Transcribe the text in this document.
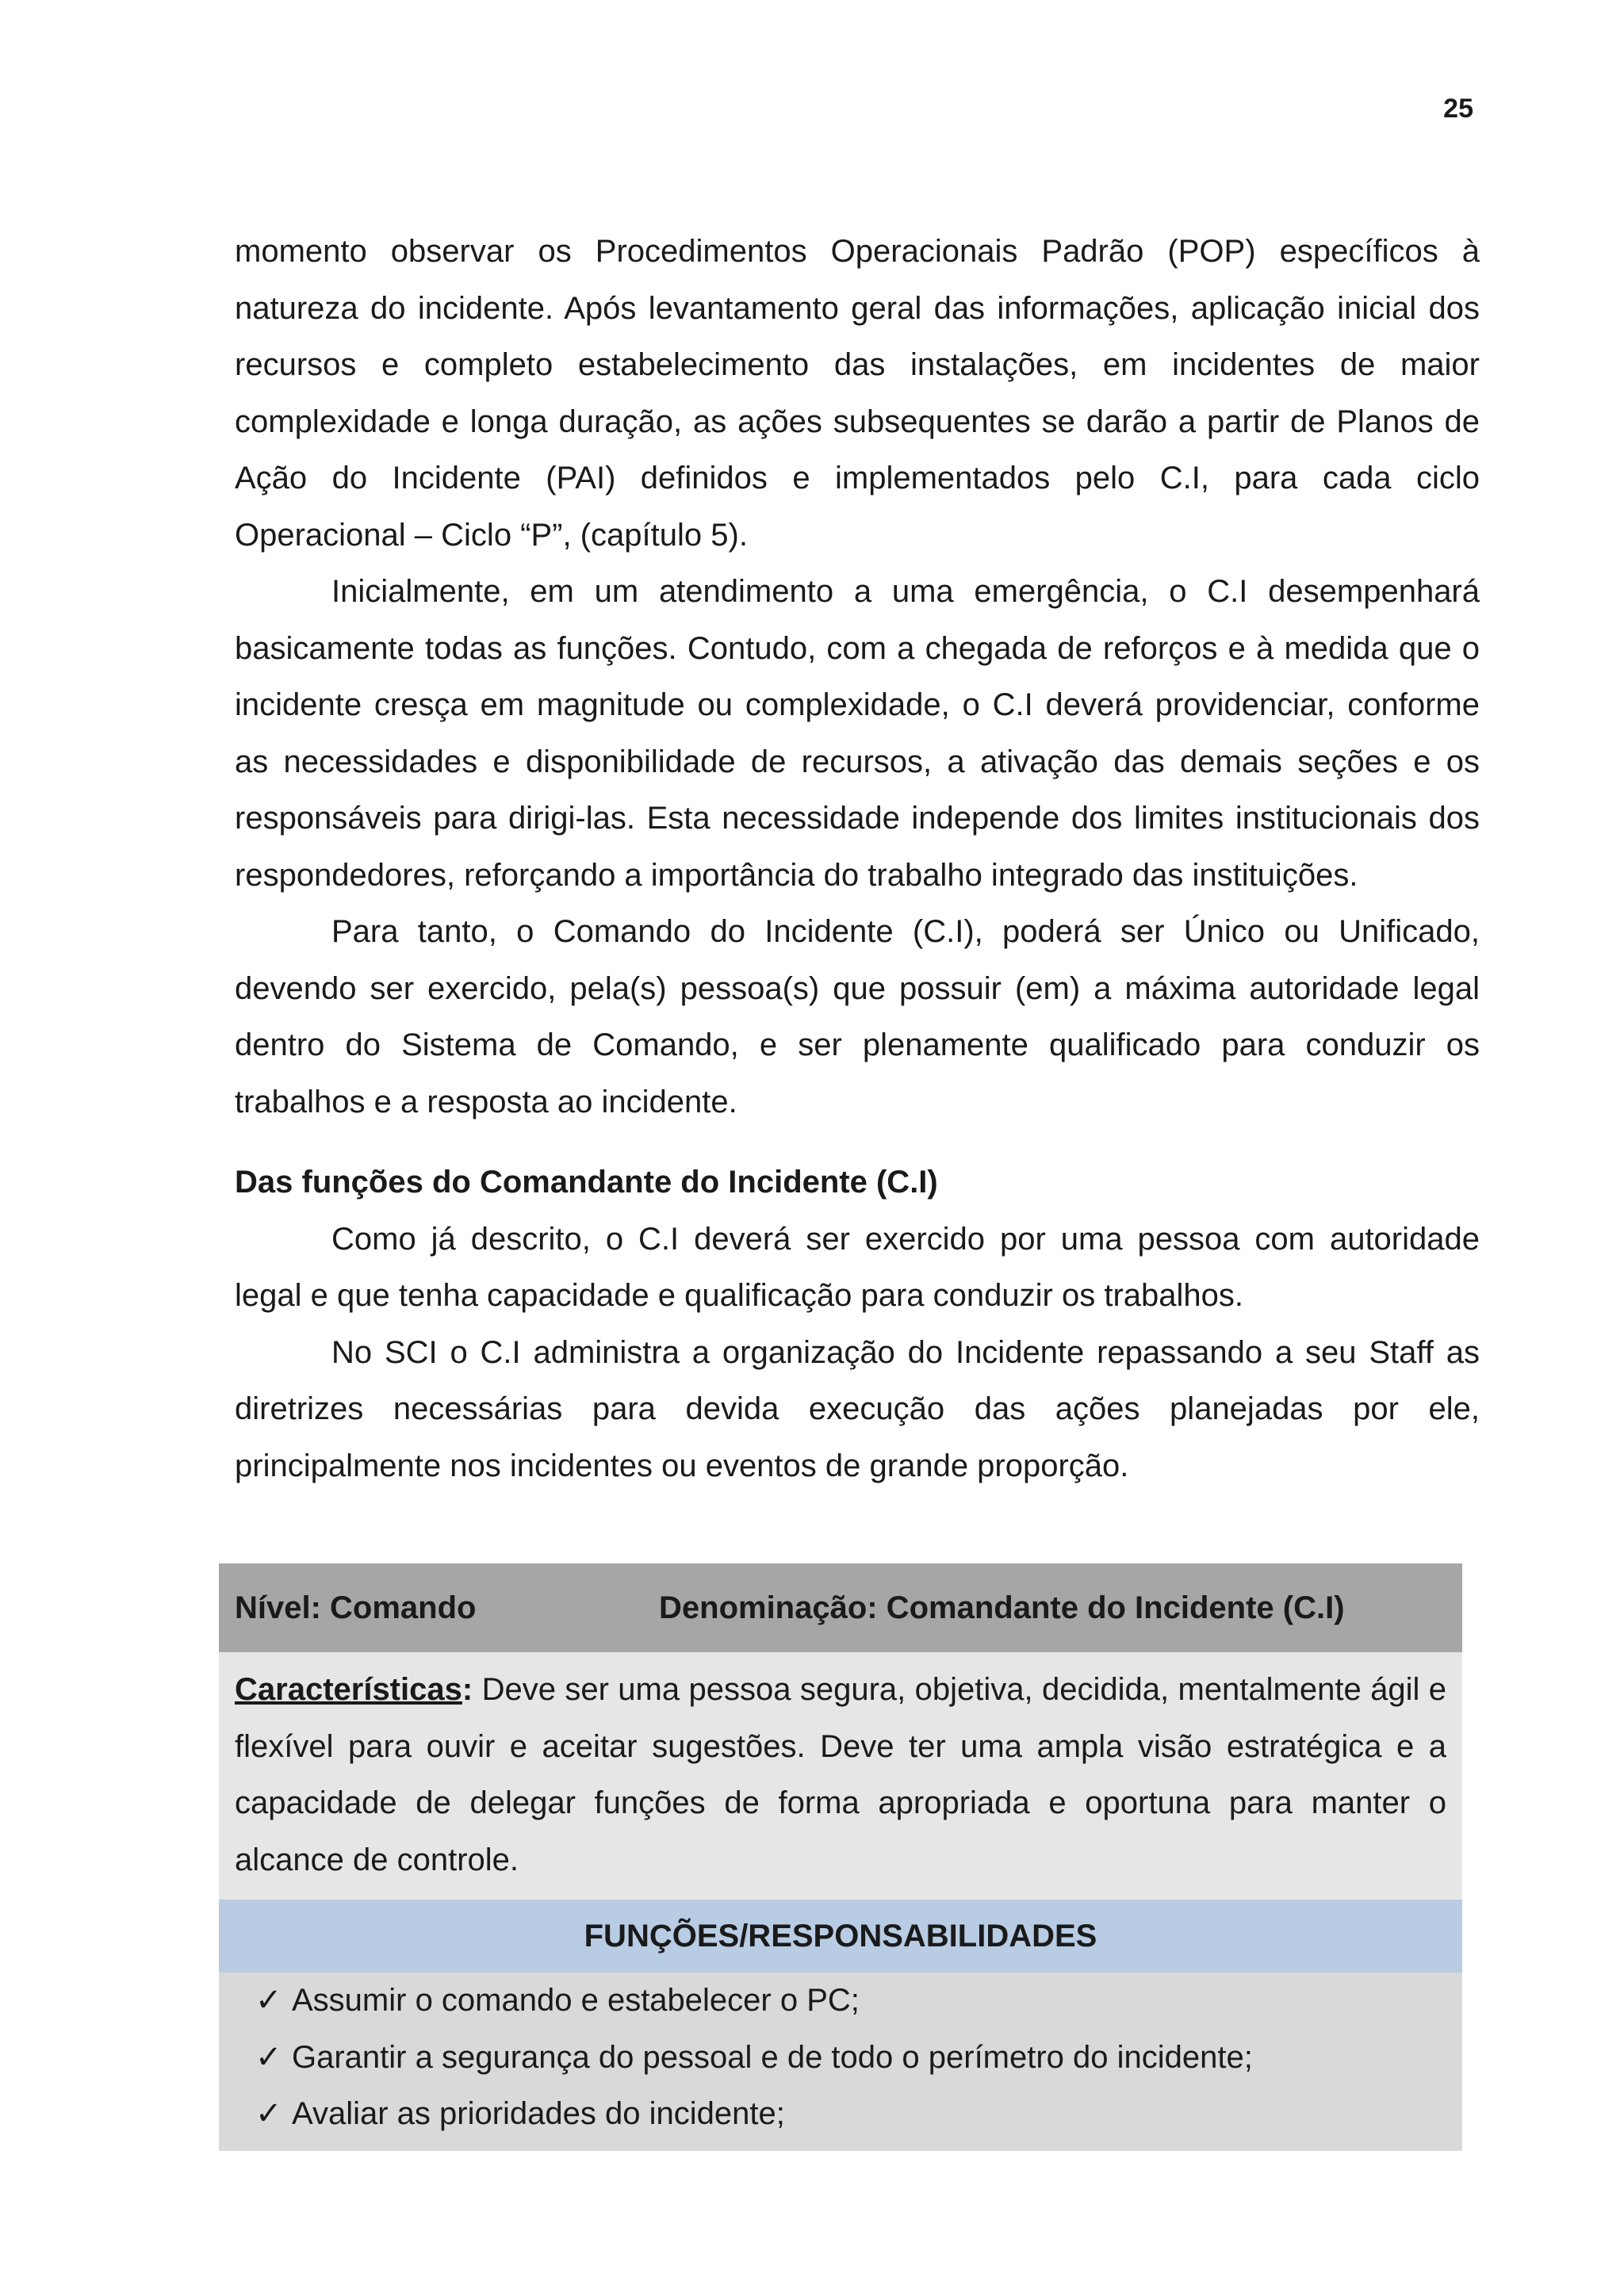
25

momento observar os Procedimentos Operacionais Padrão (POP) específicos à natureza do incidente. Após levantamento geral das informações, aplicação inicial dos recursos e completo estabelecimento das instalações, em incidentes de maior complexidade e longa duração, as ações subsequentes se darão a partir de Planos de Ação do Incidente (PAI) definidos e implementados pelo C.I, para cada ciclo Operacional – Ciclo “P”, (capítulo 5).

Inicialmente, em um atendimento a uma emergência, o C.I desempenhará basicamente todas as funções. Contudo, com a chegada de reforços e à medida que o incidente cresça em magnitude ou complexidade, o C.I deverá providenciar, conforme as necessidades e disponibilidade de recursos, a ativação das demais seções e os responsáveis para dirigi-las. Esta necessidade independe dos limites institucionais dos respondedores, reforçando a importância do trabalho integrado das instituições.

Para tanto, o Comando do Incidente (C.I), poderá ser Único ou Unificado, devendo ser exercido, pela(s) pessoa(s) que possuir (em) a máxima autoridade legal dentro do Sistema de Comando, e ser plenamente qualificado para conduzir os trabalhos e a resposta ao incidente.

Das funções do Comandante do Incidente (C.I)

Como já descrito, o C.I deverá ser exercido por uma pessoa com autoridade legal e que tenha capacidade e qualificação para conduzir os trabalhos.

No SCI o C.I administra a organização do Incidente repassando a seu Staff as diretrizes necessárias para devida execução das ações planejadas por ele, principalmente nos incidentes ou eventos de grande proporção.

Nível: Comando	Denominação: Comandante do Incidente (C.I)
Características: Deve ser uma pessoa segura, objetiva, decidida, mentalmente ágil e flexível para ouvir e aceitar sugestões. Deve ter uma ampla visão estratégica e a capacidade de delegar funções de forma apropriada e oportuna para manter o alcance de controle.
FUNÇÕES/RESPONSABILIDADES
✓ Assumir o comando e estabelecer o PC;
✓ Garantir a segurança do pessoal e de todo o perímetro do incidente;
✓ Avaliar as prioridades do incidente;
